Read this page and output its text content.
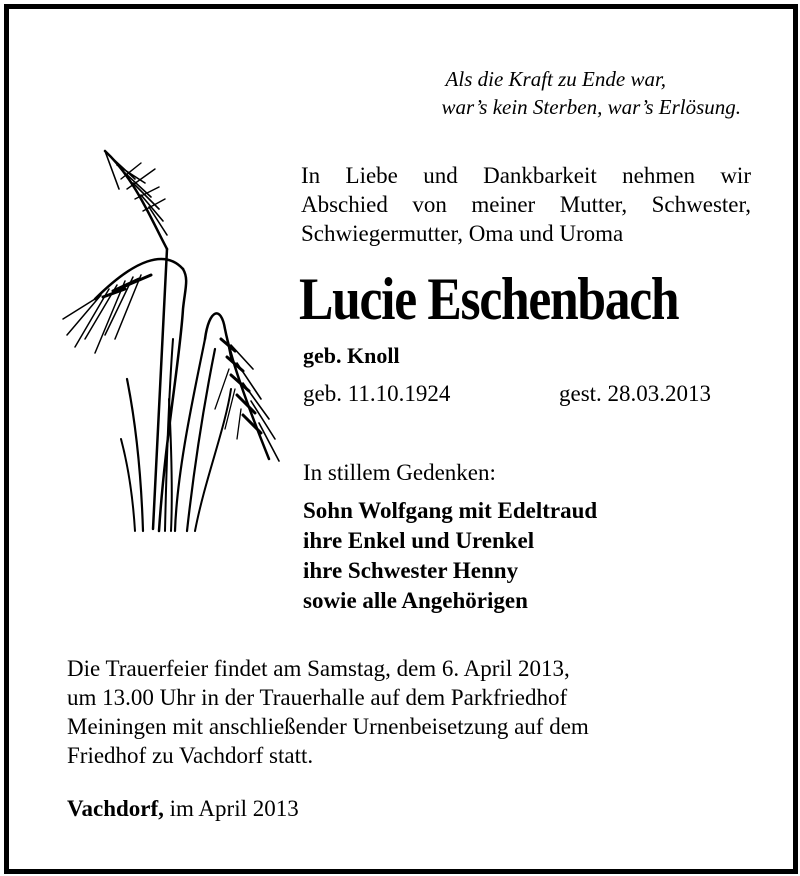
Als die Kraft zu Ende war,
war’s kein Sterben, war’s Erlösung.
In Liebe und Dankbarkeit nehmen wir
Abschied von meiner Mutter, Schwester,
Schwiegermutter, Oma und Uroma
Lucie Eschenbach
geb. Knoll
geb. 11.10.1924	gest. 28.03.2013
In stillem Gedenken:
Sohn Wolfgang mit Edeltraud
ihre Enkel und Urenkel
ihre Schwester Henny
sowie alle Angehörigen
Die Trauerfeier findet am Samstag, dem 6. April 2013,
um 13.00 Uhr in der Trauerhalle auf dem Parkfriedhof
Meiningen mit anschließender Urnenbeisetzung auf dem
Friedhof zu Vachdorf statt.
Vachdorf, im April 2013
